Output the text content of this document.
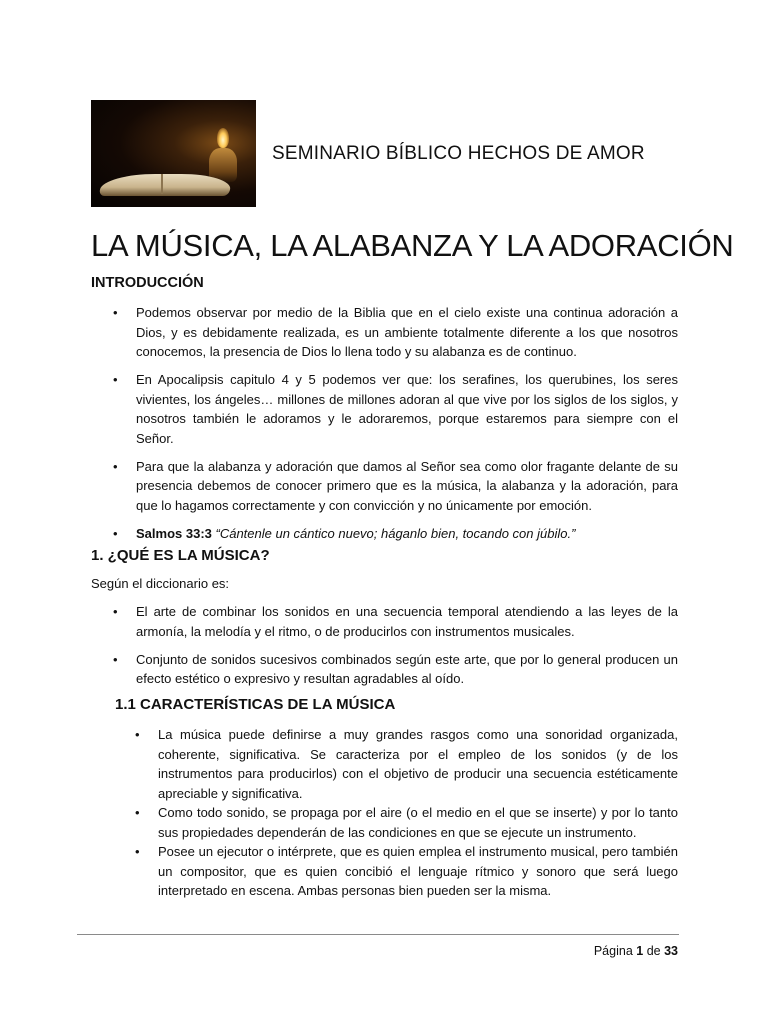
SEMINARIO BÍBLICO HECHOS DE AMOR
LA MÚSICA, LA ALABANZA Y LA ADORACIÓN
INTRODUCCIÓN
• Podemos observar por medio de la Biblia que en el cielo existe una continua adoración a Dios, y es debidamente realizada, es un ambiente totalmente diferente a los que nosotros conocemos, la presencia de Dios lo llena todo y su alabanza es de continuo.
• En Apocalipsis capitulo 4 y 5 podemos ver que: los serafines, los querubines, los seres vivientes, los ángeles… millones de millones adoran al que vive por los siglos de los siglos, y nosotros también le adoramos y le adoraremos, porque estaremos para siempre con el Señor.
• Para que la alabanza y adoración que damos al Señor sea como olor fragante delante de su presencia debemos de conocer primero que es la música, la alabanza y la adoración, para que lo hagamos correctamente y con convicción y no únicamente por emoción.
• Salmos 33:3 “Cántenle un cántico nuevo; háganlo bien, tocando con júbilo.”
1. ¿QUÉ ES LA MÚSICA?
Según el diccionario es:
• El arte de combinar los sonidos en una secuencia temporal atendiendo a las leyes de la armonía, la melodía y el ritmo, o de producirlos con instrumentos musicales.
• Conjunto de sonidos sucesivos combinados según este arte, que por lo general producen un efecto estético o expresivo y resultan agradables al oído.
1.1 CARACTERÍSTICAS DE LA MÚSICA
• La música puede definirse a muy grandes rasgos como una sonoridad organizada, coherente, significativa. Se caracteriza por el empleo de los sonidos (y de los instrumentos para producirlos) con el objetivo de producir una secuencia estéticamente apreciable y significativa.
• Como todo sonido, se propaga por el aire (o el medio en el que se inserte) y por lo tanto sus propiedades dependerán de las condiciones en que se ejecute un instrumento.
• Posee un ejecutor o intérprete, que es quien emplea el instrumento musical, pero también un compositor, que es quien concibió el lenguaje rítmico y sonoro que será luego interpretado en escena. Ambas personas bien pueden ser la misma.
Página 1 de 33
